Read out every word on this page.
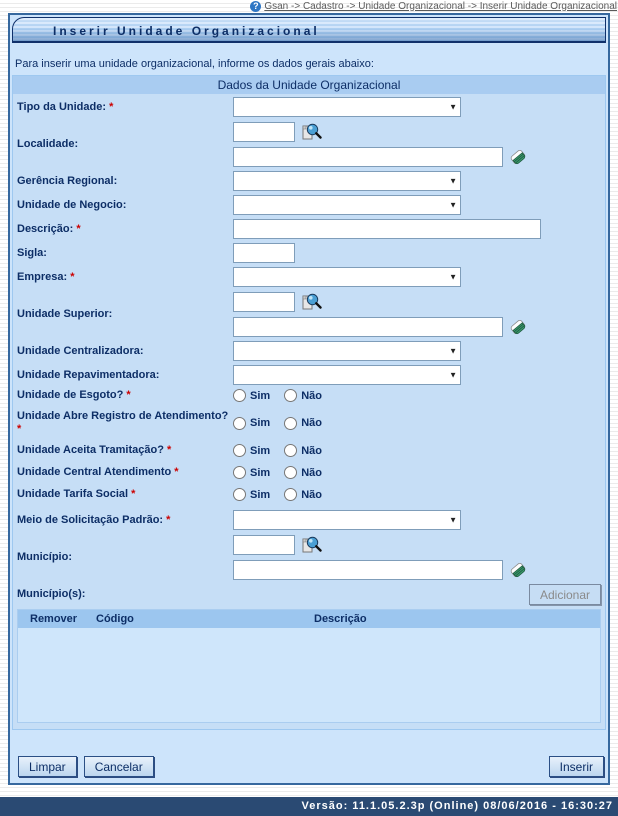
? Gsan -> Cadastro -> Unidade Organizacional -> Inserir Unidade Organizacional
Inserir Unidade Organizacional
Para inserir uma unidade organizacional, informe os dados gerais abaixo:
Dados da Unidade Organizacional
Tipo da Unidade: *	▼
Localidade:
Gerência Regional:	▼
Unidade de Negocio:	▼
Descrição: *
Sigla:
Empresa: *	▼
Unidade Superior:
Unidade Centralizadora:	▼
Unidade Repavimentadora:	▼
Unidade de Esgoto? *	Sim	Não
Unidade Abre Registro de Atendimento? *	Sim	Não
Unidade Aceita Tramitação? *	Sim	Não
Unidade Central Atendimento *	Sim	Não
Unidade Tarifa Social *	Sim	Não
Meio de Solicitação Padrão: *	▼
Município:
Município(s):	Adicionar
Remover	Código	Descrição
Limpar	Cancelar	Inserir
Versão: 11.1.05.2.3p (Online) 08/06/2016 - 16:30:27
